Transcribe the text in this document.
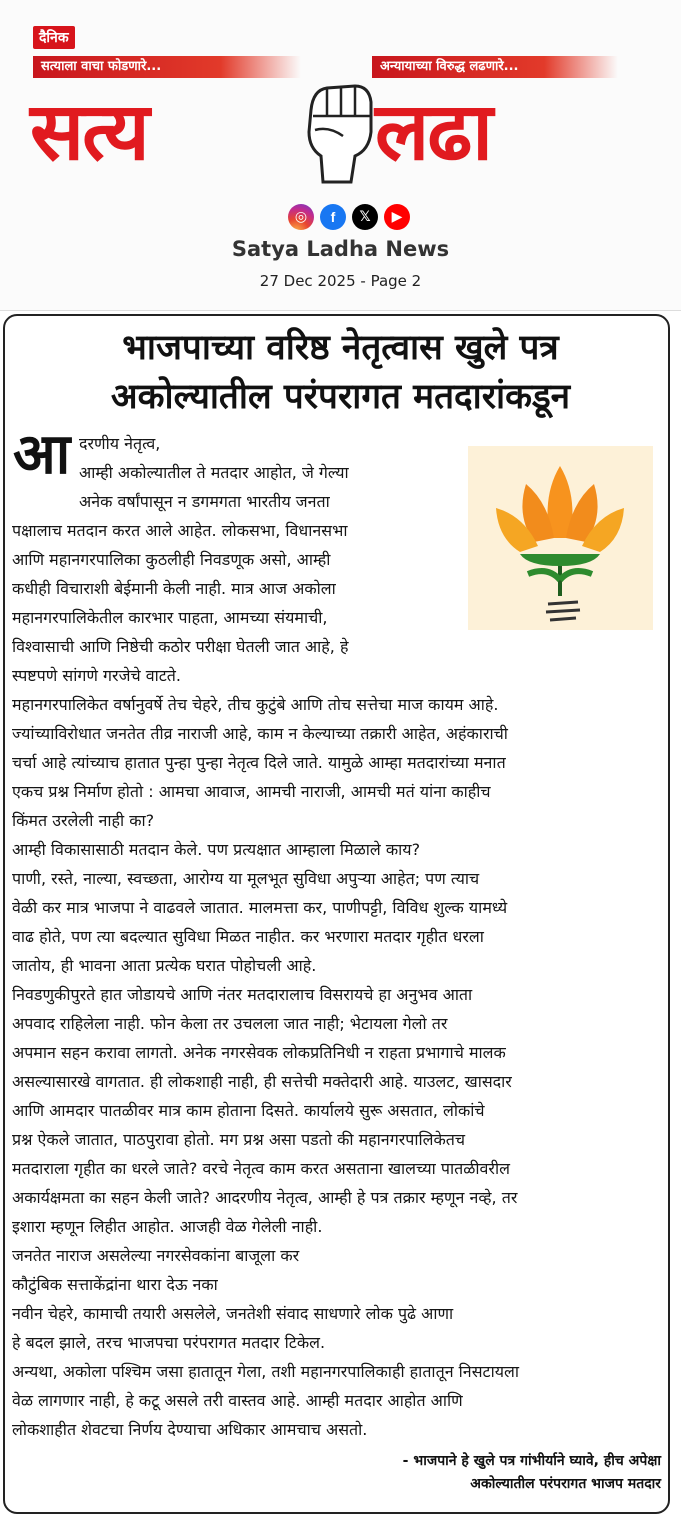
दैनिक
सत्याला वाचा फोडणारे...	अन्यायाच्या विरुद्ध लढणारे...
सत्य	लढा
◎	f	𝕏	▶
Satya Ladha News
27 Dec 2025 - Page 2
भाजपाच्या वरिष्ठ नेतृत्वास खुले पत्र
अकोल्यातील परंपरागत मतदारांकडून
आ दरणीय नेतृत्व,
आम्ही अकोल्यातील ते मतदार आहोत, जे गेल्या
अनेक वर्षांपासून न डगमगता भारतीय जनता
पक्षालाच मतदान करत आले आहेत. लोकसभा, विधानसभा
आणि महानगरपालिका कुठलीही निवडणूक असो, आम्ही
कधीही विचाराशी बेईमानी केली नाही. मात्र आज अकोला
महानगरपालिकेतील कारभार पाहता, आमच्या संयमाची,
विश्वासाची आणि निष्ठेची कठोर परीक्षा घेतली जात आहे, हे
स्पष्टपणे सांगणे गरजेचे वाटते.
महानगरपालिकेत वर्षानुवर्षे तेच चेहरे, तीच कुटुंबे आणि तोच सत्तेचा माज कायम आहे.
ज्यांच्याविरोधात जनतेत तीव्र नाराजी आहे, काम न केल्याच्या तक्रारी आहेत, अहंकाराची
चर्चा आहे त्यांच्याच हातात पुन्हा पुन्हा नेतृत्व दिले जाते. यामुळे आम्हा मतदारांच्या मनात
एकच प्रश्न निर्माण होतो : आमचा आवाज, आमची नाराजी, आमची मतं यांना काहीच
किंमत उरलेली नाही का?
आम्ही विकासासाठी मतदान केले. पण प्रत्यक्षात आम्हाला मिळाले काय?
पाणी, रस्ते, नाल्या, स्वच्छता, आरोग्य या मूलभूत सुविधा अपुऱ्या आहेत; पण त्याच
वेळी कर मात्र भाजपा ने वाढवले जातात. मालमत्ता कर, पाणीपट्टी, विविध शुल्क यामध्ये
वाढ होते, पण त्या बदल्यात सुविधा मिळत नाहीत. कर भरणारा मतदार गृहीत धरला
जातोय, ही भावना आता प्रत्येक घरात पोहोचली आहे.
निवडणुकीपुरते हात जोडायचे आणि नंतर मतदारालाच विसरायचे हा अनुभव आता
अपवाद राहिलेला नाही. फोन केला तर उचलला जात नाही; भेटायला गेलो तर
अपमान सहन करावा लागतो. अनेक नगरसेवक लोकप्रतिनिधी न राहता प्रभागाचे मालक
असल्यासारखे वागतात. ही लोकशाही नाही, ही सत्तेची मक्तेदारी आहे. याउलट, खासदार
आणि आमदार पातळीवर मात्र काम होताना दिसते. कार्यालये सुरू असतात, लोकांचे
प्रश्न ऐकले जातात, पाठपुरावा होतो. मग प्रश्न असा पडतो की महानगरपालिकेतच
मतदाराला गृहीत का धरले जाते? वरचे नेतृत्व काम करत असताना खालच्या पातळीवरील
अकार्यक्षमता का सहन केली जाते? आदरणीय नेतृत्व, आम्ही हे पत्र तक्रार म्हणून नव्हे, तर
इशारा म्हणून लिहीत आहोत. आजही वेळ गेलेली नाही.
जनतेत नाराज असलेल्या नगरसेवकांना बाजूला कर
कौटुंबिक सत्ताकेंद्रांना थारा देऊ नका
नवीन चेहरे, कामाची तयारी असलेले, जनतेशी संवाद साधणारे लोक पुढे आणा
हे बदल झाले, तरच भाजपचा परंपरागत मतदार टिकेल.
अन्यथा, अकोला पश्चिम जसा हातातून गेला, तशी महानगरपालिकाही हातातून निसटायला
वेळ लागणार नाही, हे कटू असले तरी वास्तव आहे. आम्ही मतदार आहोत आणि
लोकशाहीत शेवटचा निर्णय देण्याचा अधिकार आमचाच असतो.
- भाजपाने हे खुले पत्र गांभीर्याने घ्यावे, हीच अपेक्षा
अकोल्यातील परंपरागत भाजप मतदार
